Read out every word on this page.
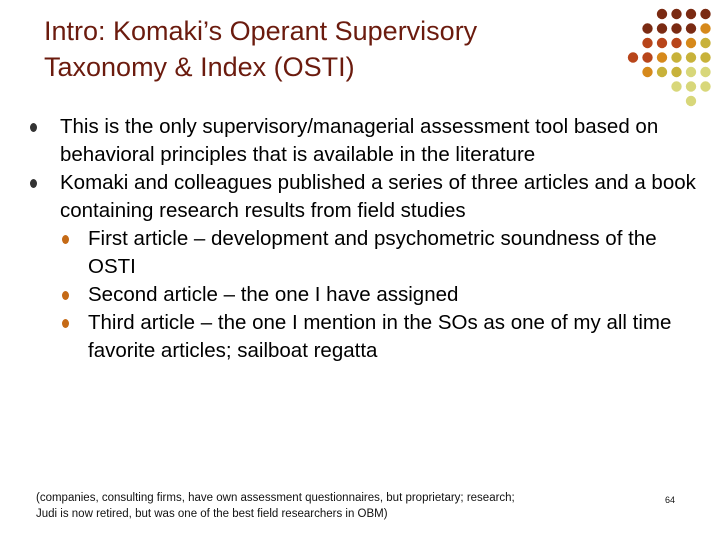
Intro: Komaki’s Operant Supervisory
Taxonomy & Index (OSTI)
This is the only supervisory/managerial assessment tool based on behavioral principles that is available in the literature
Komaki and colleagues published a series of three articles and a book containing research results from field studies
First article – development and psychometric soundness of the OSTI
Second article – the one I have assigned
Third article – the one I mention in the SOs as one of my all time favorite articles; sailboat regatta
(companies, consulting firms, have own assessment questionnaires, but proprietary; research;
Judi is now retired, but was one of the best field researchers in OBM)
64
